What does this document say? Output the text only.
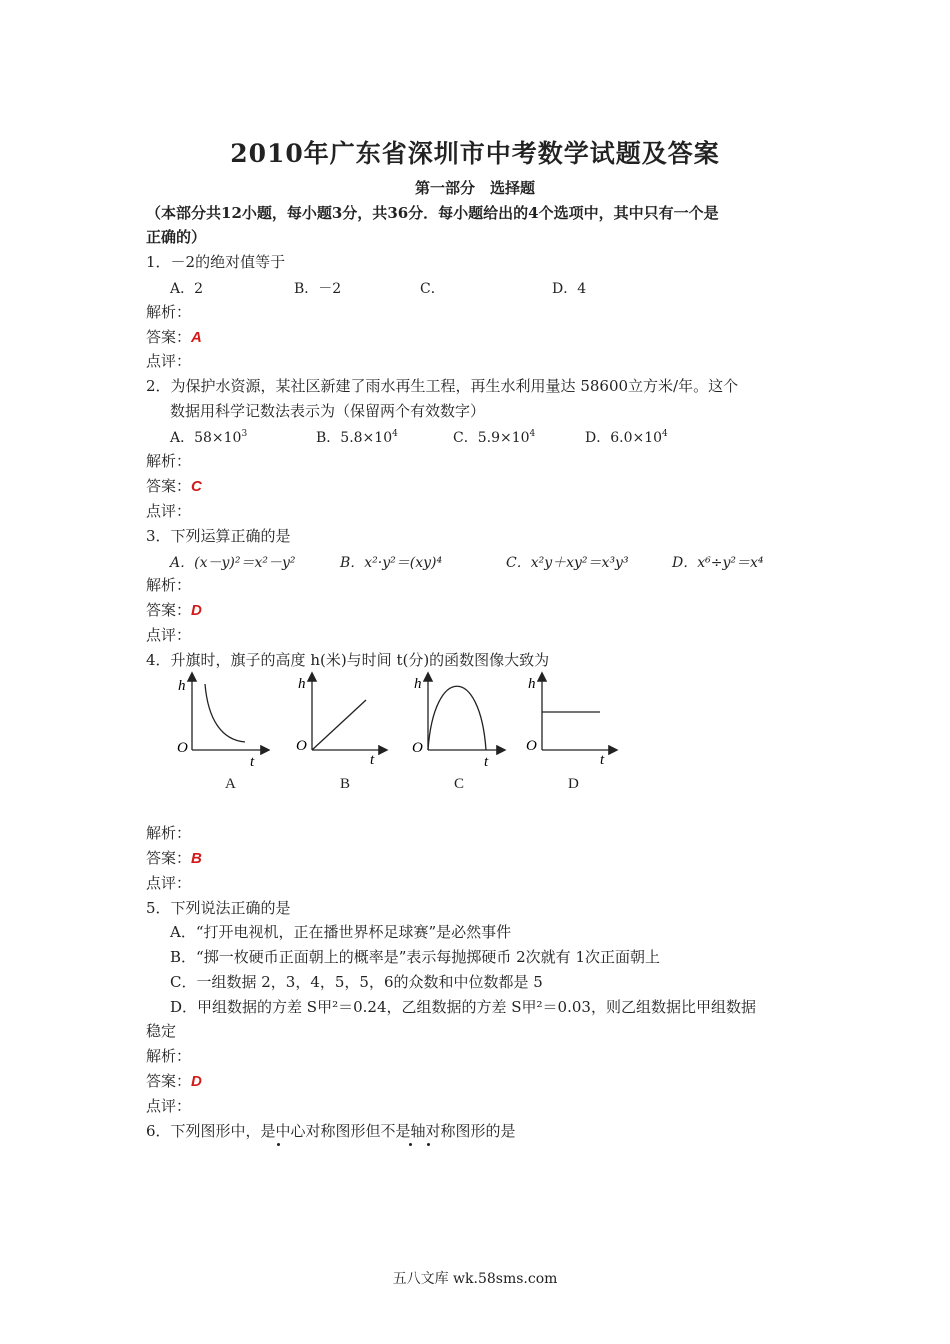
2010年广东省深圳市中考数学试题及答案
第一部分　选择题
（本部分共12小题，每小题3分，共36分．每小题给出的4个选项中，其中只有一个是
正确的）
1．－2的绝对值等于
A．2	B．－2	C．	D．4
解析：
答案：A
点评：
2．为保护水资源，某社区新建了雨水再生工程，再生水利用量达 58600立方米/年。这个
数据用科学记数法表示为（保留两个有效数字）
A．$58\times 10^3$	B．$5.8\times 10^4$	C．$5.9\times 10^4$	D．$6.0\times 10^4$
解析：
答案：C
点评：
3．下列运算正确的是
A．(x－y)²＝x²－y²	B．x²·y²＝(xy)⁴	C．x²y＋xy²＝x³y³	D．x⁶÷y²＝x⁴
解析：
答案：D
点评：
4．升旗时，旗子的高度 h(米)与时间 t(分)的函数图像大致为
h
O
t
h
O
t
h
O
t
h
O
t
A	B	C	D
解析：
答案：B
点评：
5．下列说法正确的是
A．“打开电视机，正在播世界杯足球赛”是必然事件
B．“掷一枚硬币正面朝上的概率是”表示每抛掷硬币 2次就有 1次正面朝上
C．一组数据 2，3，4，5，5，6的众数和中位数都是 5
D．甲组数据的方差 S甲²＝0.24，乙组数据的方差 S甲²＝0.03，则乙组数据比甲组数据
稳定
解析：
答案：D
点评：
6．下列图形中，是中心对称图形但不是轴对称图形的是
五八文库 wk.58sms.com
